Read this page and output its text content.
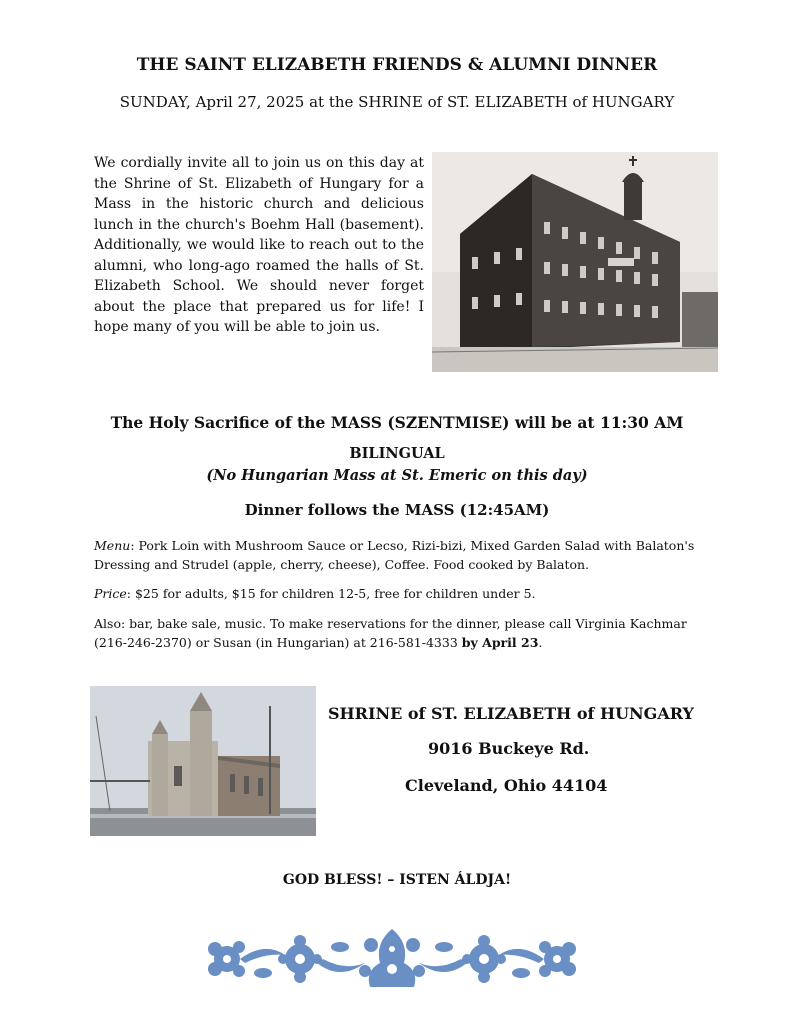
THE SAINT ELIZABETH FRIENDS & ALUMNI DINNER
SUNDAY, April 27, 2025 at the SHRINE of ST. ELIZABETH of HUNGARY
We cordially invite all to join us on this day at the Shrine of St. Elizabeth of Hungary for a Mass in the historic church and delicious lunch in the church's Boehm Hall (basement). Additionally, we would like to reach out to the alumni, who long-ago roamed the halls of St. Elizabeth School. We should never forget about the place that prepared us for life! I hope many of you will be able to join us.
The Holy Sacrifice of the MASS (SZENTMISE) will be at 11:30 AM
BILINGUAL
(No Hungarian Mass at St. Emeric on this day)
Dinner follows the MASS (12:45AM)
Menu: Pork Loin with Mushroom Sauce or Lecso, Rizi-bizi, Mixed Garden Salad with Balaton's Dressing and Strudel (apple, cherry, cheese), Coffee. Food cooked by Balaton.
Price: $25 for adults, $15 for children 12-5, free for children under 5.
Also: bar, bake sale, music. To make reservations for the dinner, please call Virginia Kachmar (216-246-2370) or Susan (in Hungarian) at 216-581-4333 by April 23.
SHRINE of ST. ELIZABETH of HUNGARY
9016 Buckeye Rd.
Cleveland, Ohio 44104
GOD BLESS! – ISTEN ÁLDJA!
